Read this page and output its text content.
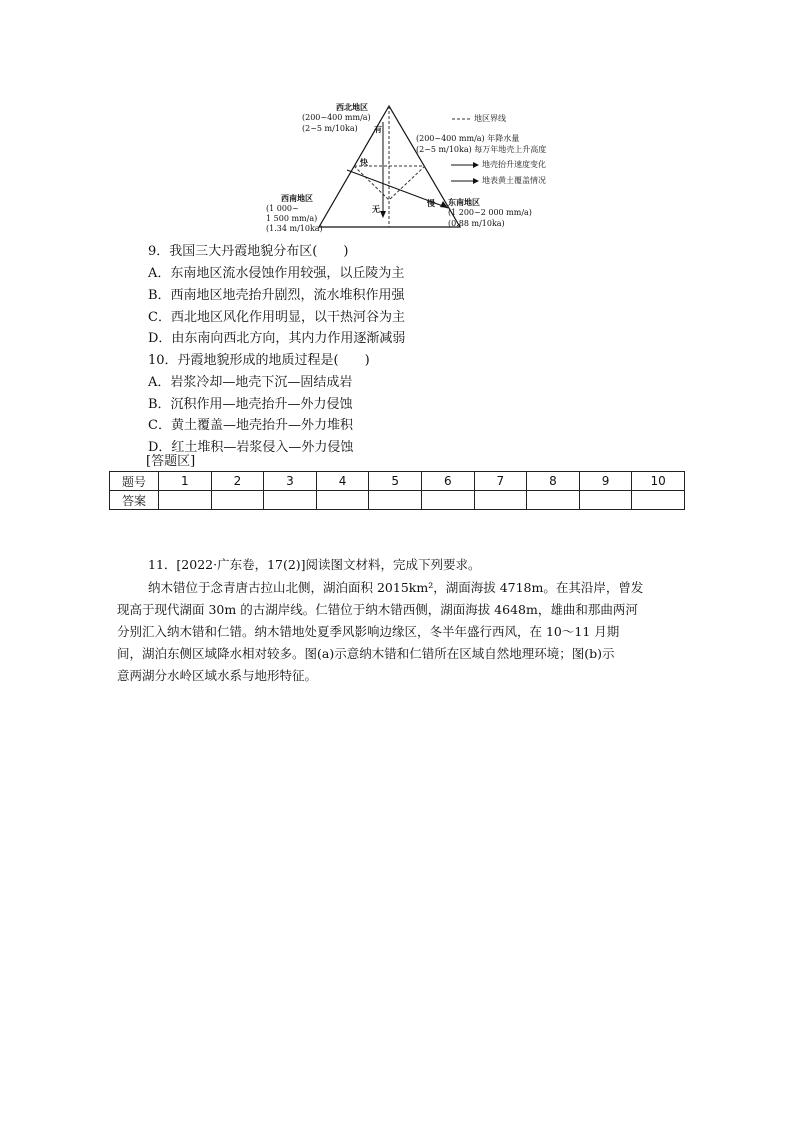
西北地区
(200~400 mm/a)
(2~5 m/10ka) 有
快
慢
无
西南地区
(1 000~
1 500 mm/a)
(1.34 m/10ka)
东南地区
(1 200~2 000 mm/a)
(0.88 m/10ka)
地区界线
(200~400 mm/a) 年降水量
(2~5 m/10ka) 每万年地壳上升高度
地壳抬升速度变化
地表黄土覆盖情况
9．我国三大丹霞地貌分布区(　　)
A．东南地区流水侵蚀作用较强，以丘陵为主
B．西南地区地壳抬升剧烈，流水堆积作用强
C．西北地区风化作用明显，以干热河谷为主
D．由东南向西北方向，其内力作用逐渐减弱
10．丹霞地貌形成的地质过程是(　　)
A．岩浆冷却—地壳下沉—固结成岩
B．沉积作用—地壳抬升—外力侵蚀
C．黄土覆盖—地壳抬升—外力堆积
D．红土堆积—岩浆侵入—外力侵蚀
[答题区]
题号	1	2	3	4	5	6	7	8	9	10
答案										
11．[2022·广东卷，17(2)]阅读图文材料，完成下列要求。
纳木错位于念青唐古拉山北侧，湖泊面积 2015km²，湖面海拔 4718m。在其沿岸，曾发
现高于现代湖面 30m 的古湖岸线。仁错位于纳木错西侧，湖面海拔 4648m，雄曲和那曲两河
分别汇入纳木错和仁错。纳木错地处夏季风影响边缘区，冬半年盛行西风，在 10～11 月期
间，湖泊东侧区域降水相对较多。图(a)示意纳木错和仁错所在区域自然地理环境；图(b)示
意两湖分水岭区域水系与地形特征。
